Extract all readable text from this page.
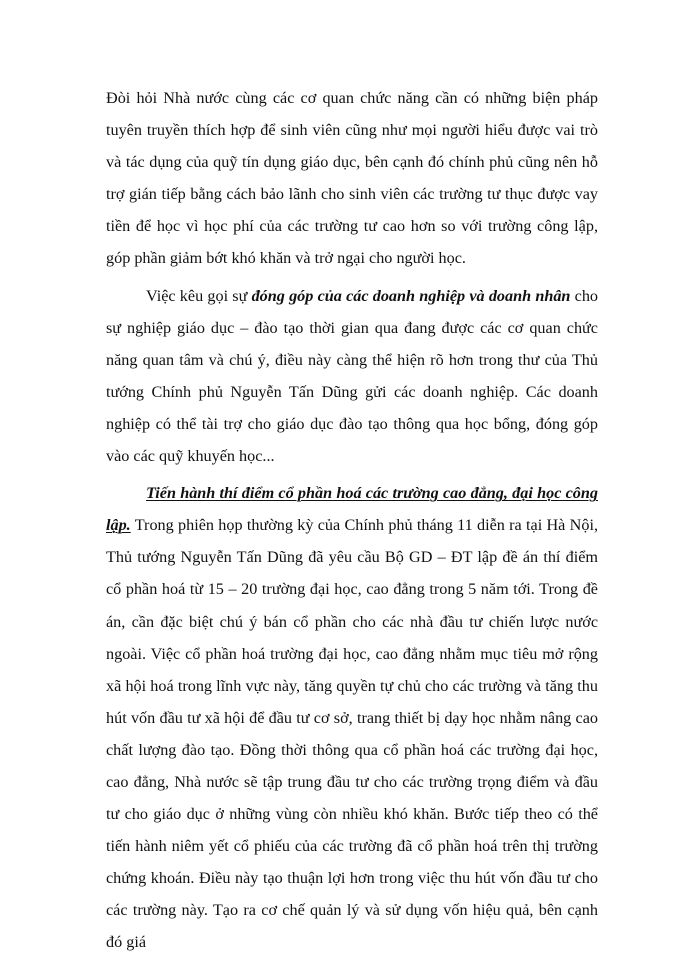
Đòi hỏi Nhà nước cùng các cơ quan chức năng cần có những biện pháp tuyên truyền thích hợp để sinh viên cũng như mọi người hiểu được vai trò và tác dụng của quỹ tín dụng giáo dục, bên cạnh đó chính phủ cũng nên hỗ trợ gián tiếp bằng cách bảo lãnh cho sinh viên các trường tư thục được vay tiền để học vì học phí của các trường tư cao hơn so với trường công lập, góp phần giảm bớt khó khăn và trở ngại cho người học.

Việc kêu gọi sự đóng góp của các doanh nghiệp và doanh nhân cho sự nghiệp giáo dục – đào tạo thời gian qua đang được các cơ quan chức năng quan tâm và chú ý, điều này càng thể hiện rõ hơn trong thư của Thủ tướng Chính phủ Nguyễn Tấn Dũng gửi các doanh nghiệp. Các doanh nghiệp có thể tài trợ cho giáo dục đào tạo thông qua học bổng, đóng góp vào các quỹ khuyến học...

Tiến hành thí điểm cổ phần hoá các trường cao đẳng, đại học công lập. Trong phiên họp thường kỳ của Chính phủ tháng 11 diễn ra tại Hà Nội, Thủ tướng Nguyễn Tấn Dũng đã yêu cầu Bộ GD – ĐT lập đề án thí điểm cổ phần hoá từ 15 – 20 trường đại học, cao đẳng trong 5 năm tới. Trong đề án, cần đặc biệt chú ý bán cổ phần cho các nhà đầu tư chiến lược nước ngoài. Việc cổ phần hoá trường đại học, cao đẳng nhằm mục tiêu mở rộng xã hội hoá trong lĩnh vực này, tăng quyền tự chủ cho các trường và tăng thu hút vốn đầu tư xã hội để đầu tư cơ sở, trang thiết bị dạy học nhằm nâng cao chất lượng đào tạo. Đồng thời thông qua cổ phần hoá các trường đại học, cao đẳng, Nhà nước sẽ tập trung đầu tư cho các trường trọng điểm và đầu tư cho giáo dục ở những vùng còn nhiều khó khăn. Bước tiếp theo có thể tiến hành niêm yết cổ phiếu của các trường đã cổ phần hoá trên thị trường chứng khoán. Điều này tạo thuận lợi hơn trong việc thu hút vốn đầu tư cho các trường này. Tạo ra cơ chế quản lý và sử dụng vốn hiệu quả, bên cạnh đó giá
